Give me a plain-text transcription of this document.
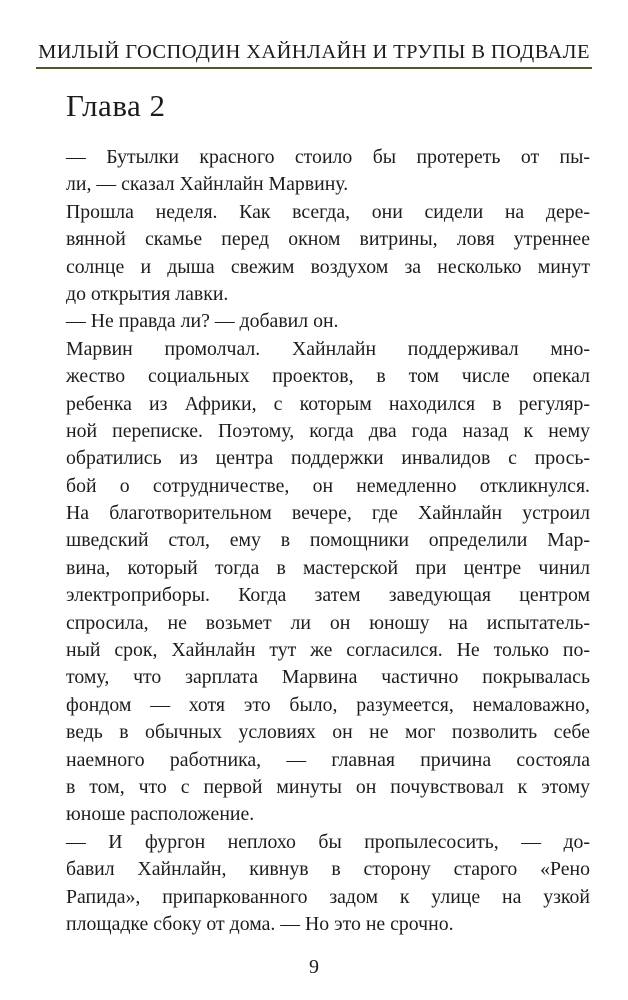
МИЛЫЙ ГОСПОДИН ХАЙНЛАЙН И ТРУПЫ В ПОДВАЛЕ
Глава 2
— Бутылки красного стоило бы протереть от пы-
ли, — сказал Хайнлайн Марвину.
Прошла неделя. Как всегда, они сидели на дере-
вянной скамье перед окном витрины, ловя утреннее
солнце и дыша свежим воздухом за несколько минут
до открытия лавки.
— Не правда ли? — добавил он.
Марвин промолчал. Хайнлайн поддерживал мно-
жество социальных проектов, в том числе опекал
ребенка из Африки, с которым находился в регуляр-
ной переписке. Поэтому, когда два года назад к нему
обратились из центра поддержки инвалидов с прось-
бой о сотрудничестве, он немедленно откликнулся.
На благотворительном вечере, где Хайнлайн устроил
шведский стол, ему в помощники определили Мар-
вина, который тогда в мастерской при центре чинил
электроприборы. Когда затем заведующая центром
спросила, не возьмет ли он юношу на испытатель-
ный срок, Хайнлайн тут же согласился. Не только по-
тому, что зарплата Марвина частично покрывалась
фондом — хотя это было, разумеется, немаловажно,
ведь в обычных условиях он не мог позволить себе
наемного работника, — главная причина состояла
в том, что с первой минуты он почувствовал к этому
юноше расположение.
— И фургон неплохо бы пропылесосить, — до-
бавил Хайнлайн, кивнув в сторону старого «Рено
Рапида», припаркованного задом к улице на узкой
площадке сбоку от дома. — Но это не срочно.
9
